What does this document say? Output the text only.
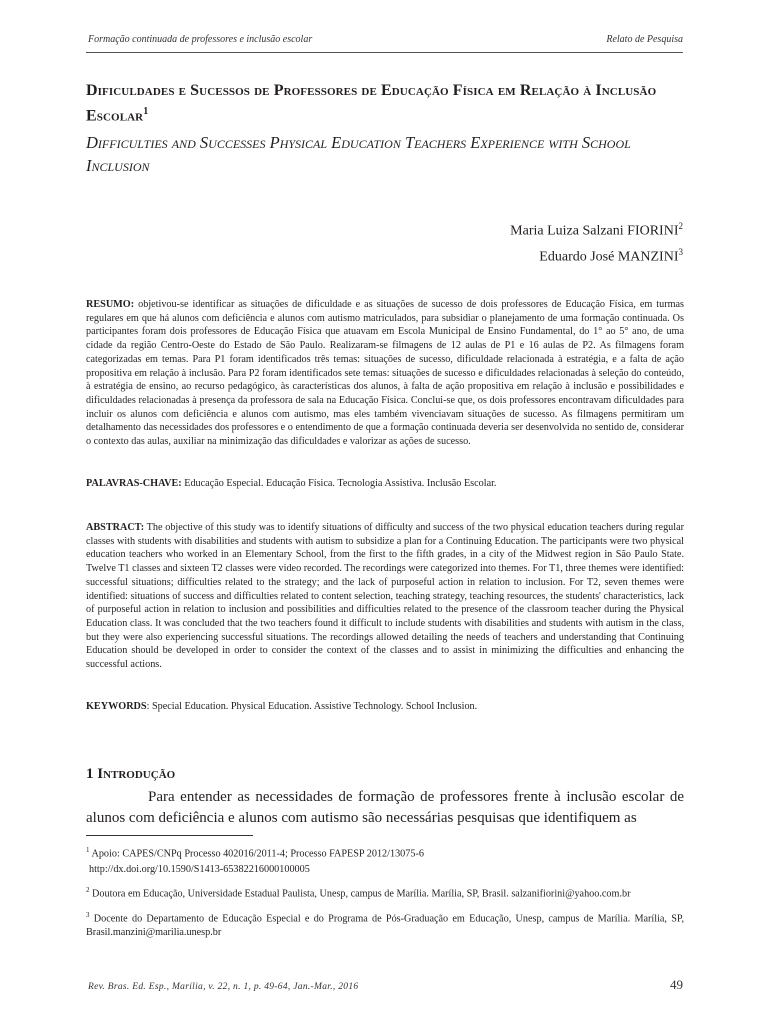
Formação continuada de professores e inclusão escolar	Relato de Pesquisa
Dificuldades e Sucessos de Professores de Educação Física em Relação à Inclusão Escolar$^1$
Difficulties and Successes Physical Education Teachers Experience with School Inclusion
Maria Luiza Salzani FIORINI$^2$
Eduardo José MANZINI$^3$
RESUMO: objetivou-se identificar as situações de dificuldade e as situações de sucesso de dois professores de Educação Física, em turmas regulares em que há alunos com deficiência e alunos com autismo matriculados, para subsidiar o planejamento de uma formação continuada. Os participantes foram dois professores de Educação Física que atuavam em Escola Municipal de Ensino Fundamental, do 1° ao 5° ano, de uma cidade da região Centro-Oeste do Estado de São Paulo. Realizaram-se filmagens de 12 aulas de P1 e 16 aulas de P2. As filmagens foram categorizadas em temas. Para P1 foram identificados três temas: situações de sucesso, dificuldade relacionada à estratégia, e a falta de ação propositiva em relação à inclusão. Para P2 foram identificados sete temas: situações de sucesso e dificuldades relacionadas à seleção do conteúdo, à estratégia de ensino, ao recurso pedagógico, às características dos alunos, à falta de ação propositiva em relação à inclusão e possibilidades e dificuldades relacionadas à presença da professora de sala na Educação Física. Conclui-se que, os dois professores encontravam dificuldades para incluir os alunos com deficiência e alunos com autismo, mas eles também vivenciavam situações de sucesso. As filmagens permitiram um detalhamento das necessidades dos professores e o entendimento de que a formação continuada deveria ser desenvolvida no sentido de, considerar o contexto das aulas, auxiliar na minimização das dificuldades e valorizar as ações de sucesso.
PALAVRAS-CHAVE: Educação Especial. Educação Física. Tecnologia Assistiva. Inclusão Escolar.
ABSTRACT: The objective of this study was to identify situations of difficulty and success of the two physical education teachers during regular classes with students with disabilities and students with autism to subsidize a plan for a Continuing Education. The participants were two physical education teachers who worked in an Elementary School, from the first to the fifth grades, in a city of the Midwest region in São Paulo State. Twelve T1 classes and sixteen T2 classes were video recorded. The recordings were categorized into themes. For T1, three themes were identified: successful situations; difficulties related to the strategy; and the lack of purposeful action in relation to inclusion. For T2, seven themes were identified: situations of success and difficulties related to content selection, teaching strategy, teaching resources, the students' characteristics, lack of purposeful action in relation to inclusion and possibilities and difficulties related to the presence of the classroom teacher during the Physical Education class. It was concluded that the two teachers found it difficult to include students with disabilities and students with autism in the class, but they were also experiencing successful situations. The recordings allowed detailing the needs of teachers and understanding that Continuing Education should be developed in order to consider the context of the classes and to assist in minimizing the difficulties and enhancing the successful actions.
KEYWORDS: Special Education. Physical Education. Assistive Technology. School Inclusion.
1 Introdução
Para entender as necessidades de formação de professores frente à inclusão escolar de alunos com deficiência e alunos com autismo são necessárias pesquisas que identifiquem as

$^1$ Apoio: CAPES/CNPq Processo 402016/2011-4; Processo FAPESP 2012/13075-6

http://dx.doi.org/10.1590/S1413-65382216000100005

$^2$ Doutora em Educação, Universidade Estadual Paulista, Unesp, campus de Marília. Marília, SP, Brasil. salzanifiorini@yahoo.com.br

$^3$ Docente do Departamento de Educação Especial e do Programa de Pós-Graduação em Educação, Unesp, campus de Marília. Marília, SP, Brasil.manzini@marilia.unesp.br

Rev. Bras. Ed. Esp., Marília, v. 22, n. 1, p. 49-64, Jan.-Mar., 2016	49
